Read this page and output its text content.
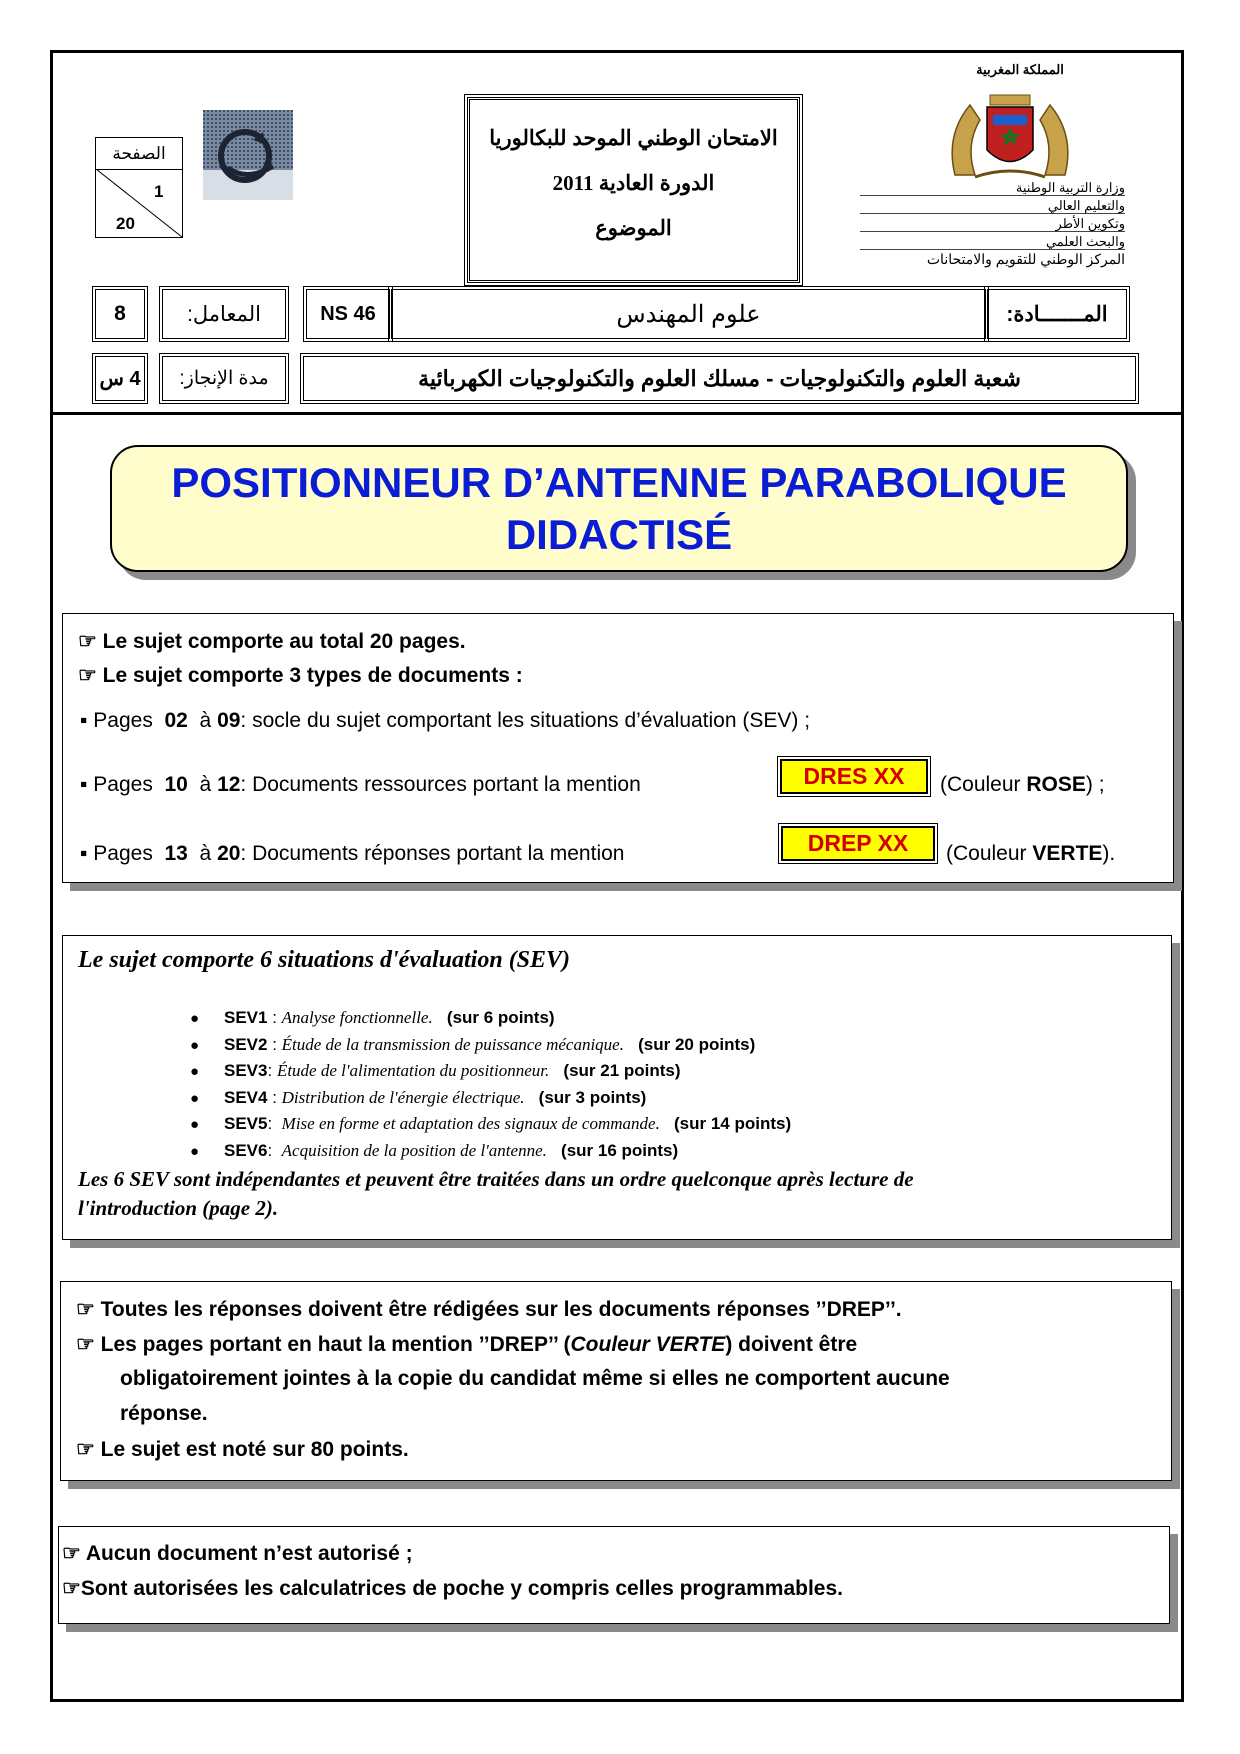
المملكة المغربية
وزارة التربية الوطنية
والتعليم العالي
وتكوين الأطر
والبحث العلمي
المركز الوطني للتقويم والامتحانات
الامتحان الوطني الموحد للبكالوريا
الدورة العادية 2011
الموضوع
الصفحة
1
20
8	المعامل:	NS 46	علوم المهندس	المـــــــادة:
4 س	مدة الإنجاز:	شعبة العلوم والتكنولوجيات - مسلك العلوم والتكنولوجيات الكهربائية
POSITIONNEUR D’ANTENNE PARABOLIQUE
DIDACTISÉ
☞ Le sujet comporte au total 20 pages.
☞ Le sujet comporte 3 types de documents :
▪ Pages 02 à 09: socle du sujet comportant les situations d’évaluation (SEV) ;
▪ Pages 10 à 12: Documents ressources portant la mention	DRES XX	(Couleur ROSE) ;
▪ Pages 13 à 20: Documents réponses portant la mention	DREP XX	(Couleur VERTE).
Le sujet comporte 6 situations d'évaluation (SEV)
● SEV1 : Analyse fonctionnelle. (sur 6 points)
● SEV2 : Étude de la transmission de puissance mécanique. (sur 20 points)
● SEV3: Étude de l'alimentation du positionneur. (sur 21 points)
● SEV4 : Distribution de l'énergie électrique. (sur 3 points)
● SEV5:  Mise en forme et adaptation des signaux de commande. (sur 14 points)
● SEV6:  Acquisition de la position de l'antenne. (sur 16 points)
Les 6 SEV sont indépendantes et peuvent être traitées dans un ordre quelconque après lecture de
l'introduction (page 2).
☞ Toutes les réponses doivent être rédigées sur les documents réponses ’’DREP’’.
☞ Les pages portant en haut la mention ’’DREP’’ (Couleur VERTE) doivent être
obligatoirement jointes à la copie du candidat même si elles ne comportent aucune
réponse.
☞ Le sujet est noté sur 80 points.
☞ Aucun document n’est autorisé ;
☞Sont autorisées les calculatrices de poche y compris celles programmables.
